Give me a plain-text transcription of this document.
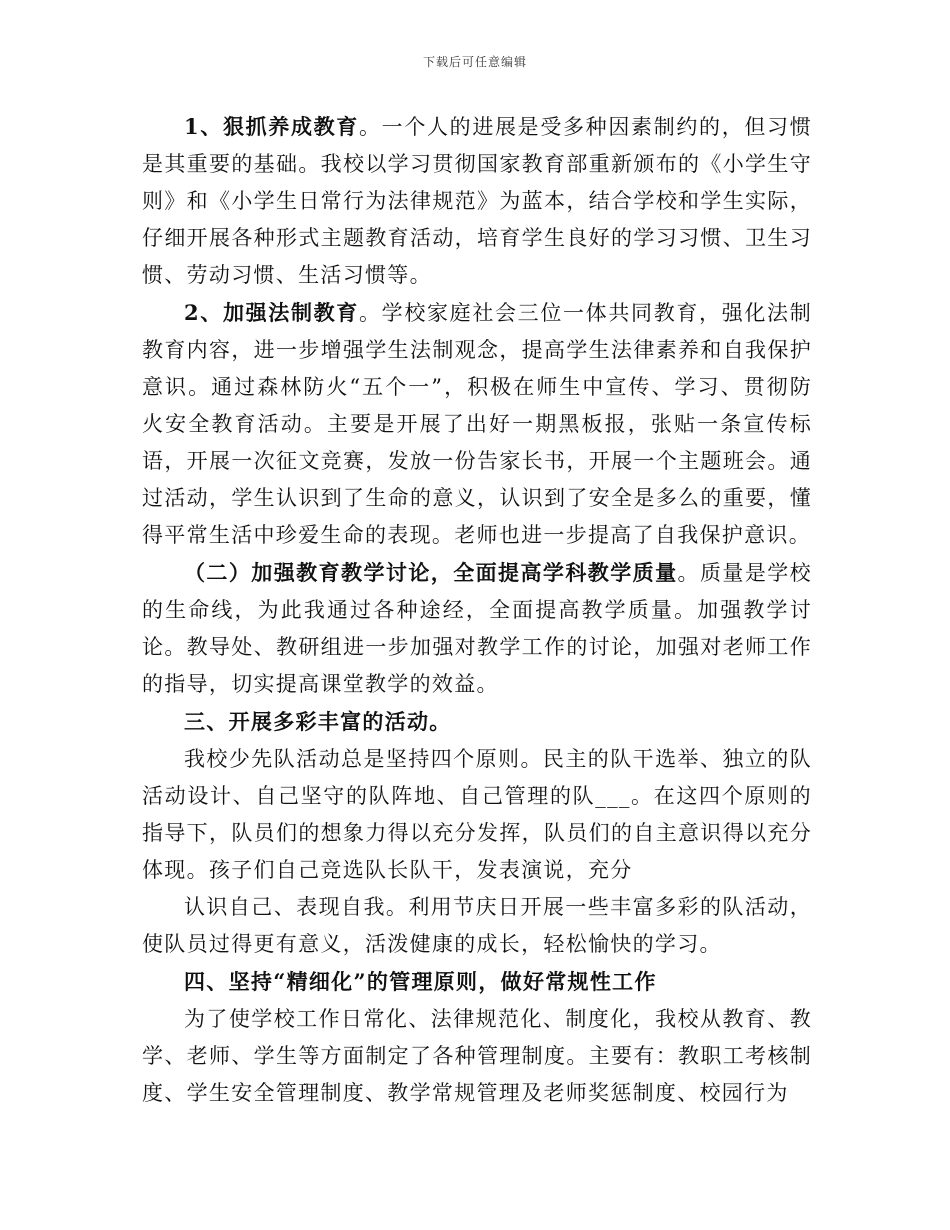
下载后可任意编辑

1、狠抓养成教育。一个人的进展是受多种因素制约的，但习惯是其重要的基础。我校以学习贯彻国家教育部重新颁布的《小学生守则》和《小学生日常行为法律规范》为蓝本，结合学校和学生实际，仔细开展各种形式主题教育活动，培育学生良好的学习习惯、卫生习惯、劳动习惯、生活习惯等。

2、加强法制教育。学校家庭社会三位一体共同教育，强化法制教育内容，进一步增强学生法制观念，提高学生法律素养和自我保护意识。通过森林防火“五个一”，积极在师生中宣传、学习、贯彻防火安全教育活动。主要是开展了出好一期黑板报，张贴一条宣传标语，开展一次征文竞赛，发放一份告家长书，开展一个主题班会。通过活动，学生认识到了生命的意义，认识到了安全是多么的重要，懂得平常生活中珍爱生命的表现。老师也进一步提高了自我保护意识。

（二）加强教育教学讨论，全面提高学科教学质量。质量是学校的生命线，为此我通过各种途经，全面提高教学质量。加强教学讨论。教导处、教研组进一步加强对教学工作的讨论，加强对老师工作的指导，切实提高课堂教学的效益。

三、开展多彩丰富的活动。

我校少先队活动总是坚持四个原则。民主的队干选举、独立的队活动设计、自己坚守的队阵地、自己管理的队___。在这四个原则的指导下，队员们的想象力得以充分发挥，队员们的自主意识得以充分体现。孩子们自己竞选队长队干，发表演说，充分

认识自己、表现自我。利用节庆日开展一些丰富多彩的队活动，使队员过得更有意义，活泼健康的成长，轻松愉快的学习。

四、坚持“精细化”的管理原则，做好常规性工作

为了使学校工作日常化、法律规范化、制度化，我校从教育、教学、老师、学生等方面制定了各种管理制度。主要有：教职工考核制度、学生安全管理制度、教学常规管理及老师奖惩制度、校园行为
